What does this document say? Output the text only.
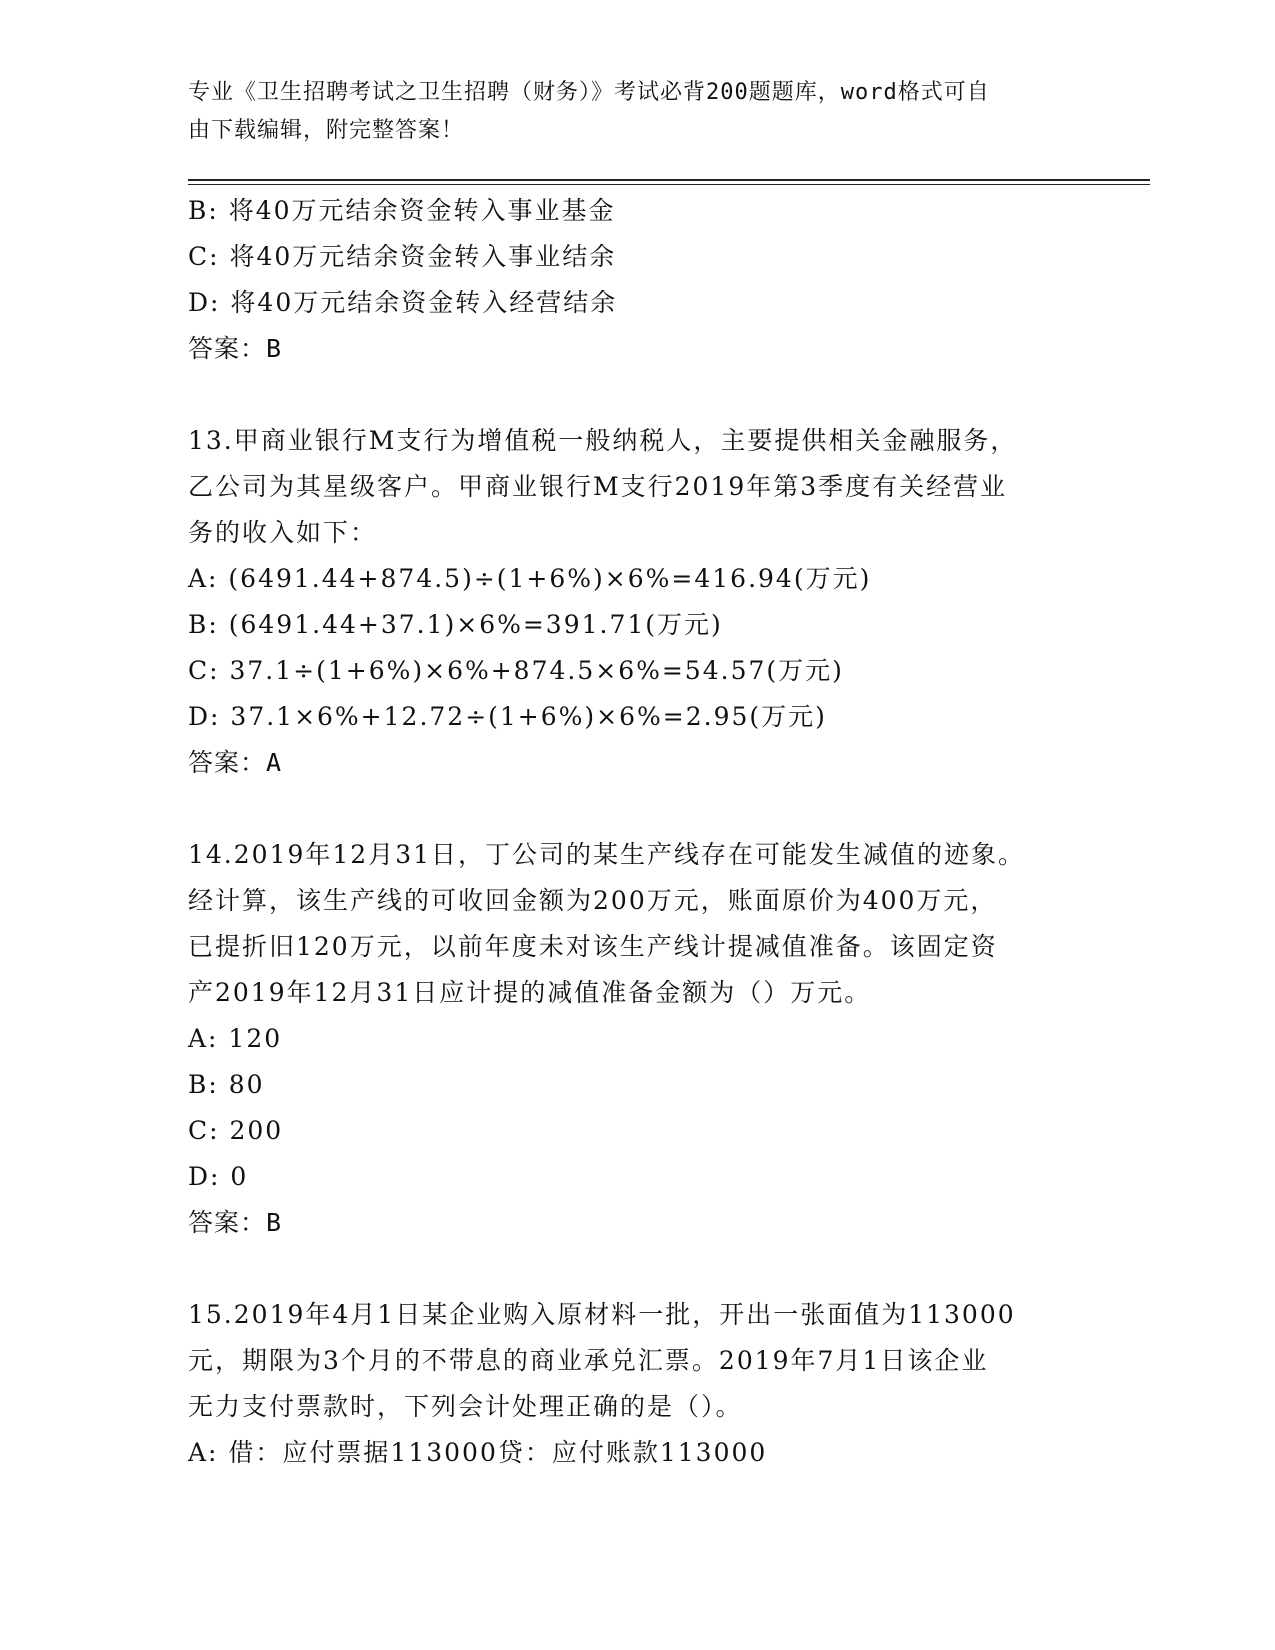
专业《卫生招聘考试之卫生招聘（财务）》考试必背200题题库，word格式可自
由下载编辑，附完整答案！
B: 将40万元结余资金转入事业基金
C: 将40万元结余资金转入事业结余
D: 将40万元结余资金转入经营结余
答案：B
13.甲商业银行M支行为增值税一般纳税人，主要提供相关金融服务，
乙公司为其星级客户。甲商业银行M支行2019年第3季度有关经营业
务的收入如下：
A: (6491.44+874.5)÷(1+6%)×6%=416.94(万元)
B: (6491.44+37.1)×6%=391.71(万元)
C: 37.1÷(1+6%)×6%+874.5×6%=54.57(万元)
D: 37.1×6%+12.72÷(1+6%)×6%=2.95(万元)
答案：A
14.2019年12月31日，丁公司的某生产线存在可能发生减值的迹象。
经计算，该生产线的可收回金额为200万元，账面原价为400万元，
已提折旧120万元，以前年度未对该生产线计提减值准备。该固定资
产2019年12月31日应计提的减值准备金额为（）万元。
A: 120
B: 80
C: 200
D: 0
答案：B
15.2019年4月1日某企业购入原材料一批，开出一张面值为113000
元，期限为3个月的不带息的商业承兑汇票。2019年7月1日该企业
无力支付票款时，下列会计处理正确的是（）。
A: 借：应付票据113000贷：应付账款113000
